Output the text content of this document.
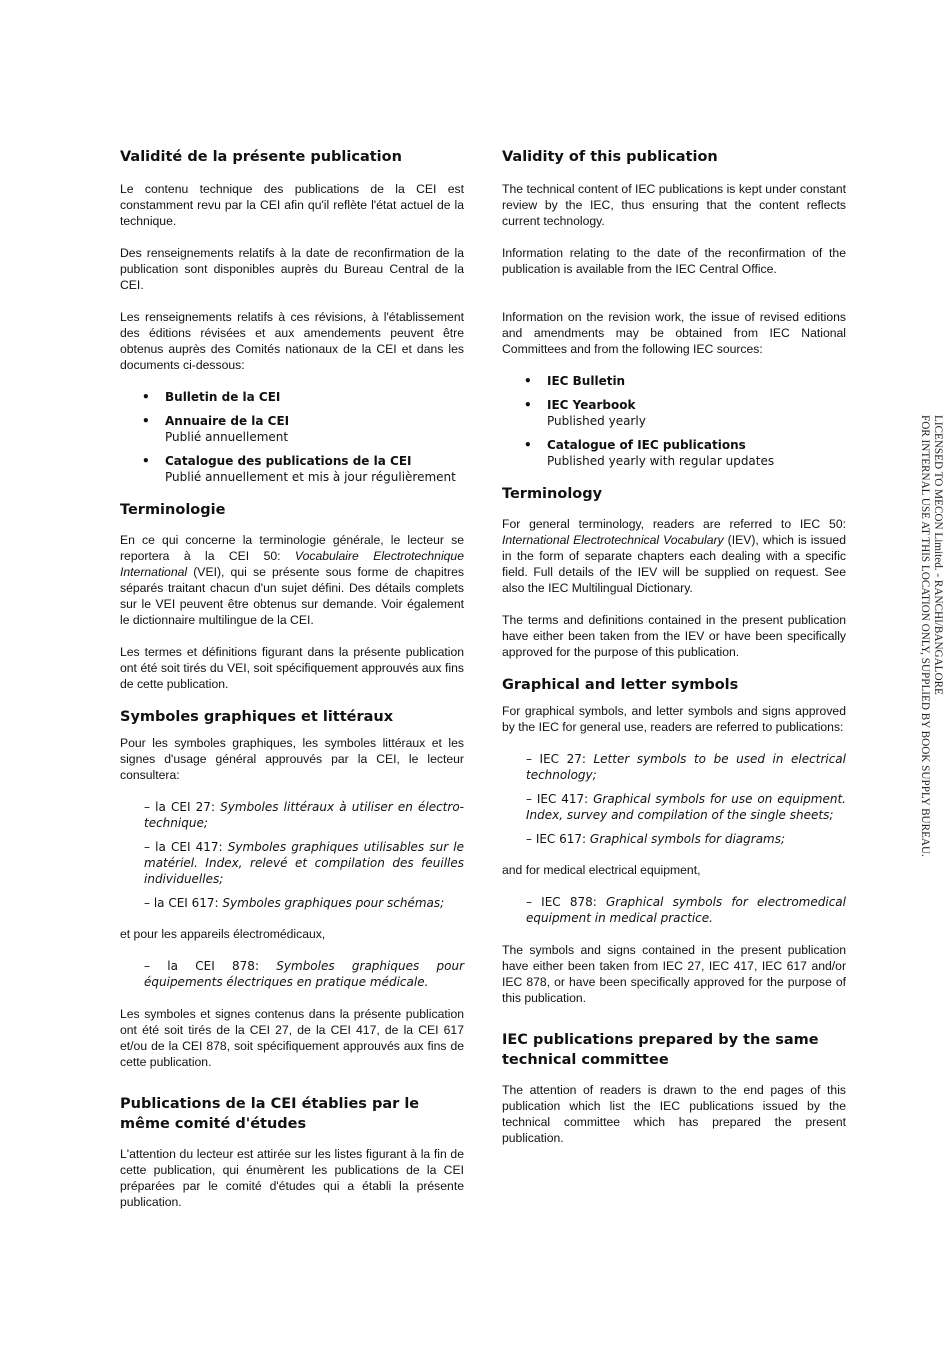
Validité de la présente publication

Le contenu technique des publications de la CEI est constamment revu par la CEI afin qu'il reflète l'état actuel de la technique.

Des renseignements relatifs à la date de reconfirmation de la publication sont disponibles auprès du Bureau Central de la CEI.

Les renseignements relatifs à ces révisions, à l'établissement des éditions révisées et aux amendements peuvent être obtenus auprès des Comités nationaux de la CEI et dans les documents ci-dessous:

• Bulletin de la CEI
• Annuaire de la CEI
Publié annuellement
• Catalogue des publications de la CEI
Publié annuellement et mis à jour régulièrement
Terminologie

En ce qui concerne la terminologie générale, le lecteur se reportera à la CEI 50: Vocabulaire Electrotechnique International (VEI), qui se présente sous forme de chapitres séparés traitant chacun d'un sujet défini. Des détails complets sur le VEI peuvent être obtenus sur demande. Voir également le dictionnaire multilingue de la CEI.

Les termes et définitions figurant dans la présente publication ont été soit tirés du VEI, soit spécifiquement approuvés aux fins de cette publication.

Symboles graphiques et littéraux

Pour les symboles graphiques, les symboles littéraux et les signes d'usage général approuvés par la CEI, le lecteur consultera:

– la CEI 27: Symboles littéraux à utiliser en électro-technique;

– la CEI 417: Symboles graphiques utilisables sur le matériel. Index, relevé et compilation des feuilles individuelles;

– la CEI 617: Symboles graphiques pour schémas;

et pour les appareils électromédicaux,

– la CEI 878: Symboles graphiques pour équipements électriques en pratique médicale.

Les symboles et signes contenus dans la présente publication ont été soit tirés de la CEI 27, de la CEI 417, de la CEI 617 et/ou de la CEI 878, soit spécifiquement approuvés aux fins de cette publication.

Publications de la CEI établies par le même comité d'études

L'attention du lecteur est attirée sur les listes figurant à la fin de cette publication, qui énumèrent les publications de la CEI préparées par le comité d'études qui a établi la présente publication.

Validity of this publication

The technical content of IEC publications is kept under constant review by the IEC, thus ensuring that the content reflects current technology.

Information relating to the date of the reconfirmation of the publication is available from the IEC Central Office.

Information on the revision work, the issue of revised editions and amendments may be obtained from IEC National Committees and from the following IEC sources:

• IEC Bulletin
• IEC Yearbook
Published yearly
• Catalogue of IEC publications
Published yearly with regular updates
Terminology

For general terminology, readers are referred to IEC 50: International Electrotechnical Vocabulary (IEV), which is issued in the form of separate chapters each dealing with a specific field. Full details of the IEV will be supplied on request. See also the IEC Multilingual Dictionary.

The terms and definitions contained in the present publication have either been taken from the IEV or have been specifically approved for the purpose of this publication.

Graphical and letter symbols

For graphical symbols, and letter symbols and signs approved by the IEC for general use, readers are referred to publications:

– IEC 27: Letter symbols to be used in electrical technology;

– IEC 417: Graphical symbols for use on equipment. Index, survey and compilation of the single sheets;

– IEC 617: Graphical symbols for diagrams;

and for medical electrical equipment,

– IEC 878: Graphical symbols for electromedical equipment in medical practice.

The symbols and signs contained in the present publication have either been taken from IEC 27, IEC 417, IEC 617 and/or IEC 878, or have been specifically approved for the purpose of this publication.

IEC publications prepared by the same technical committee

The attention of readers is drawn to the end pages of this publication which list the IEC publications issued by the technical committee which has prepared the present publication.

LICENSED TO MECON Limited. - RANCHI/BANGALORE
FOR INTERNAL USE AT THIS LOCATION ONLY, SUPPLIED BY BOOK SUPPLY BUREAU.
